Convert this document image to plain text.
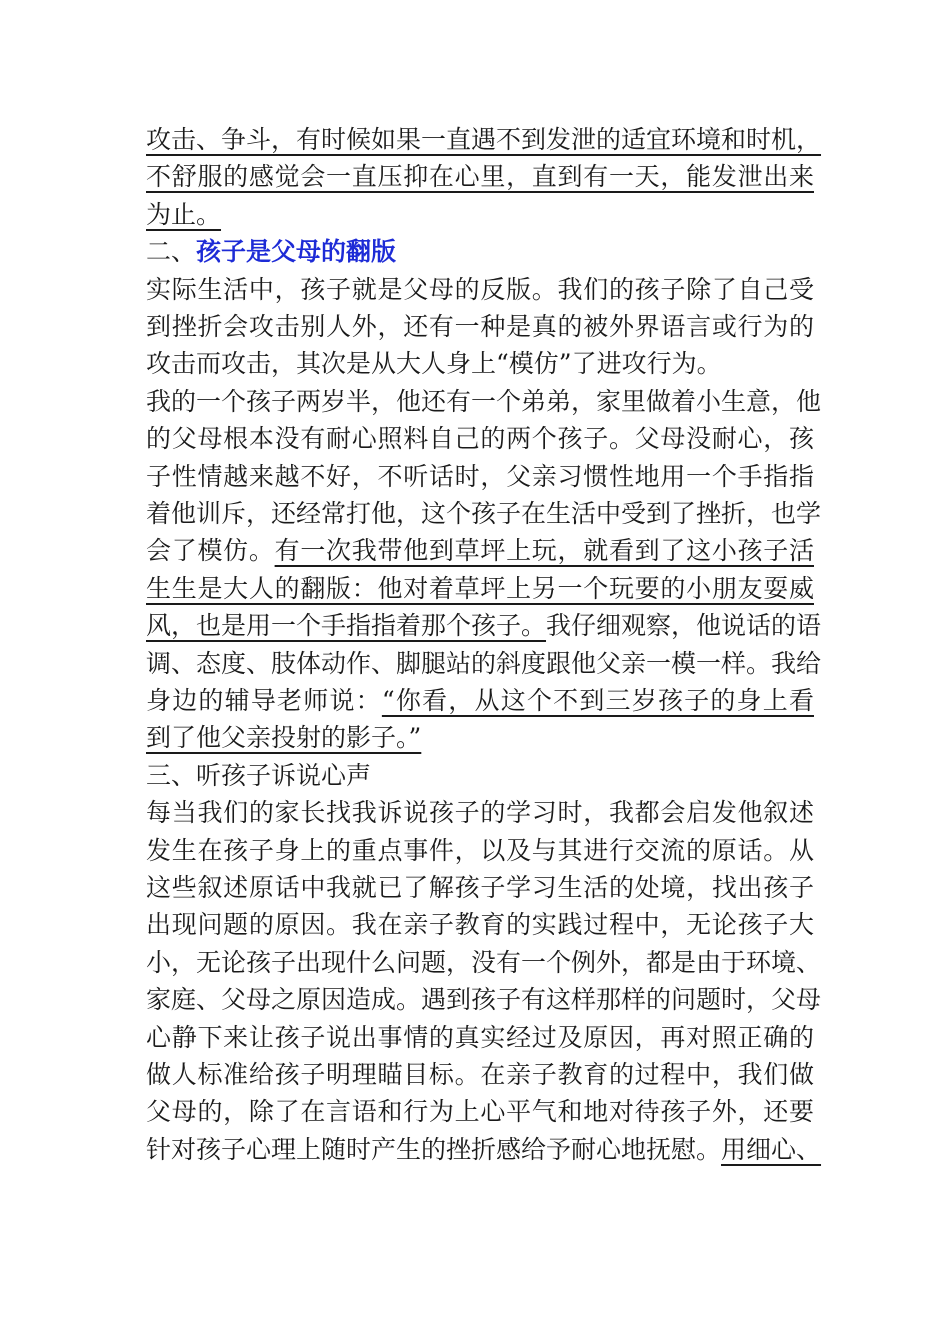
攻击、争斗，有时候如果一直遇不到发泄的适宜环境和时机，
不舒服的感觉会一直压抑在心里，直到有一天，能发泄出来
为止。
二、孩子是父母的翻版
实际生活中，孩子就是父母的反版。我们的孩子除了自己受
到挫折会攻击别人外，还有一种是真的被外界语言或行为的
攻击而攻击，其次是从大人身上“模仿”了进攻行为。
我的一个孩子两岁半，他还有一个弟弟，家里做着小生意，他
的父母根本没有耐心照料自己的两个孩子。父母没耐心，孩
子性情越来越不好，不听话时，父亲习惯性地用一个手指指
着他训斥，还经常打他，这个孩子在生活中受到了挫折，也学
会了模仿。有一次我带他到草坪上玩，就看到了这小孩子活
生生是大人的翻版：他对着草坪上另一个玩要的小朋友耍威
风，也是用一个手指指着那个孩子。我仔细观察，他说话的语
调、态度、肢体动作、脚腿站的斜度跟他父亲一模一样。我给
身边的辅导老师说：“你看，从这个不到三岁孩子的身上看
到了他父亲投射的影子。”
三、听孩子诉说心声
每当我们的家长找我诉说孩子的学习时，我都会启发他叙述
发生在孩子身上的重点事件，以及与其进行交流的原话。从
这些叙述原话中我就已了解孩子学习生活的处境，找出孩子
出现问题的原因。我在亲子教育的实践过程中，无论孩子大
小，无论孩子出现什么问题，没有一个例外，都是由于环境、
家庭、父母之原因造成。遇到孩子有这样那样的问题时，父母
心静下来让孩子说出事情的真实经过及原因，再对照正确的
做人标准给孩子明理瞄目标。在亲子教育的过程中，我们做
父母的，除了在言语和行为上心平气和地对待孩子外，还要
针对孩子心理上随时产生的挫折感给予耐心地抚慰。用细心、
